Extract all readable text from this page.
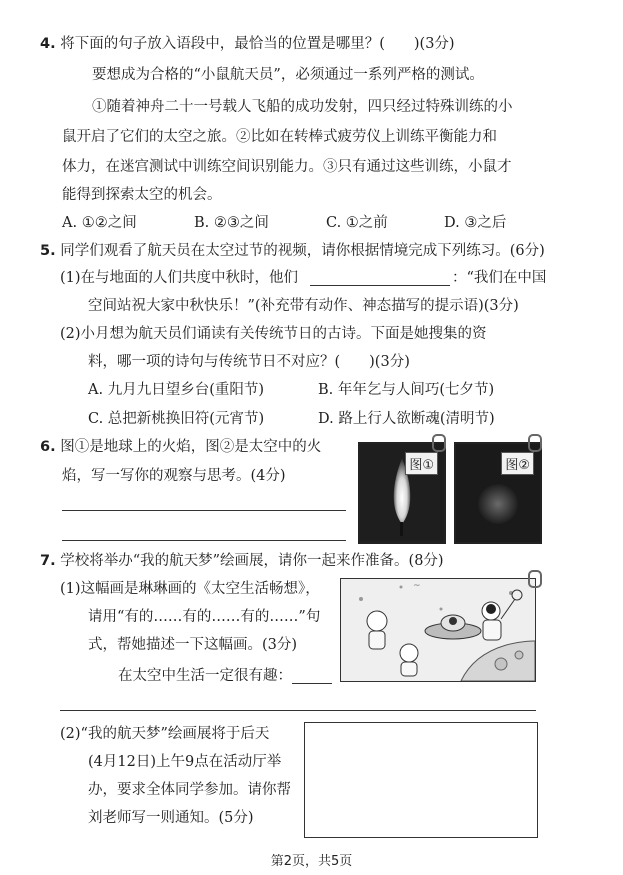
4. 将下面的句子放入语段中，最恰当的位置是哪里？(　　)(3分)
要想成为合格的“小鼠航天员”，必须通过一系列严格的测试。
①随着神舟二十一号载人飞船的成功发射，四只经过特殊训练的小
鼠开启了它们的太空之旅。②比如在转棒式疲劳仪上训练平衡能力和
体力，在迷宫测试中训练空间识别能力。③只有通过这些训练，小鼠才
能得到探索太空的机会。
A. ①②之间	B. ②③之间	C. ①之前	D. ③之后
5. 同学们观看了航天员在太空过节的视频，请你根据情境完成下列练习。(6分)
(1)在与地面的人们共度中秋时，他们	：“我们在中国
空间站祝大家中秋快乐！”(补充带有动作、神态描写的提示语)(3分)
(2)小月想为航天员们诵读有关传统节日的古诗。下面是她搜集的资
料，哪一项的诗句与传统节日不对应？(　　)(3分)
A. 九月九日望乡台(重阳节)	B. 年年乞与人间巧(七夕节)
C. 总把新桃换旧符(元宵节)	D. 路上行人欲断魂(清明节)
6. 图①是地球上的火焰，图②是太空中的火
焰，写一写你的观察与思考。(4分)
图①	图②
7. 学校将举办“我的航天梦”绘画展，请你一起来作准备。(8分)
(1)这幅画是琳琳画的《太空生活畅想》，
请用“有的……有的……有的……”句
式，帮她描述一下这幅画。(3分)
在太空中生活一定很有趣：
~
(2)“我的航天梦”绘画展将于后天
(4月12日)上午9点在活动厅举
办，要求全体同学参加。请你帮
刘老师写一则通知。(5分)
第2页，共5页
